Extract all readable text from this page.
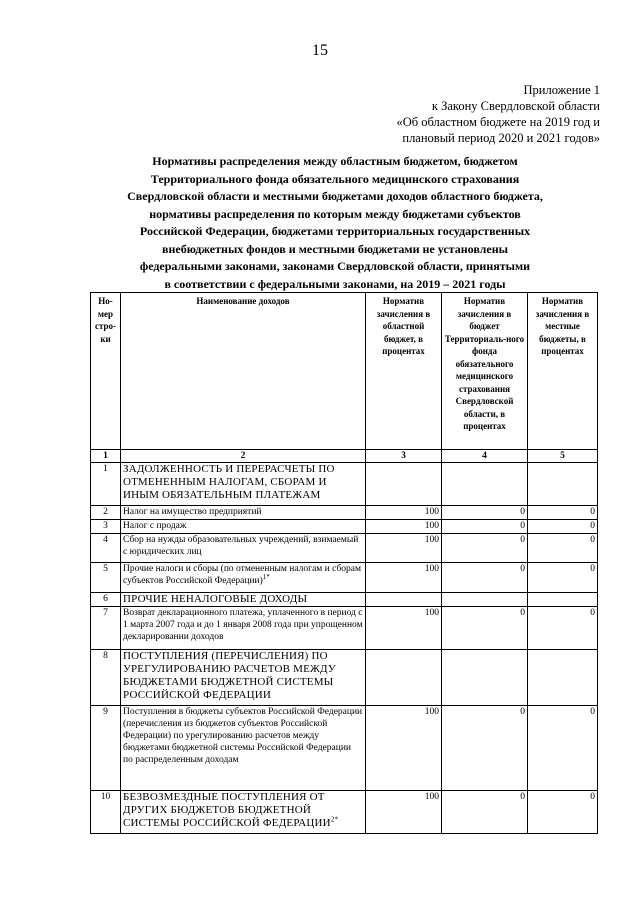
15
Приложение 1
к Закону Свердловской области
«Об областном бюджете на 2019 год и
плановый период 2020 и 2021 годов»
Нормативы распределения между областным бюджетом, бюджетом
Территориального фонда обязательного медицинского страхования
Свердловской области и местными бюджетами доходов областного бюджета,
нормативы распределения по которым между бюджетами субъектов
Российской Федерации, бюджетами территориальных государственных
внебюджетных фондов и местными бюджетами не установлены
федеральными законами, законами Свердловской области, принятыми
в соответствии с федеральными законами, на 2019 – 2021 годы
Но-мер стро-ки	Наименование доходов	Норматив зачисления в областной бюджет, в процентах	Норматив зачисления в бюджет Территориаль-ного фонда обязательного медицинского страхования Свердловской области, в процентах	Норматив зачисления в местные бюджеты, в процентах
1	2	3	4	5
1	ЗАДОЛЖЕННОСТЬ И ПЕРЕРАСЧЕТЫ ПО ОТМЕНЕННЫМ НАЛОГАМ, СБОРАМ И ИНЫМ ОБЯЗАТЕЛЬНЫМ ПЛАТЕЖАМ			
2	Налог на имущество предприятий	100	0	0
3	Налог с продаж	100	0	0
4	Сбор на нужды образовательных учреждений, взимаемый с юридических лиц	100	0	0
5	Прочие налоги и сборы (по отмененным налогам и сборам субъектов Российской Федерации)$^{1*}$	100	0	0
6	ПРОЧИЕ НЕНАЛОГОВЫЕ ДОХОДЫ			
7	Возврат декларационного платежа, уплаченного в период с 1 марта 2007 года и до 1 января 2008 года при упрощенном декларировании доходов	100	0	0
8	ПОСТУПЛЕНИЯ (ПЕРЕЧИСЛЕНИЯ) ПО УРЕГУЛИРОВАНИЮ РАСЧЕТОВ МЕЖДУ БЮДЖЕТАМИ БЮДЖЕТНОЙ СИСТЕМЫ РОССИЙСКОЙ ФЕДЕРАЦИИ			
9	Поступления в бюджеты субъектов Российской Федерации (перечисления из бюджетов субъектов Российской Федерации) по урегулированию расчетов между бюджетами бюджетной системы Российской Федерации по распределенным доходам	100	0	0
10	БЕЗВОЗМЕЗДНЫЕ ПОСТУПЛЕНИЯ ОТ ДРУГИХ БЮДЖЕТОВ БЮДЖЕТНОЙ СИСТЕМЫ РОССИЙСКОЙ $ФЕДЕРАЦИИ^{2*}$	100	0	0
